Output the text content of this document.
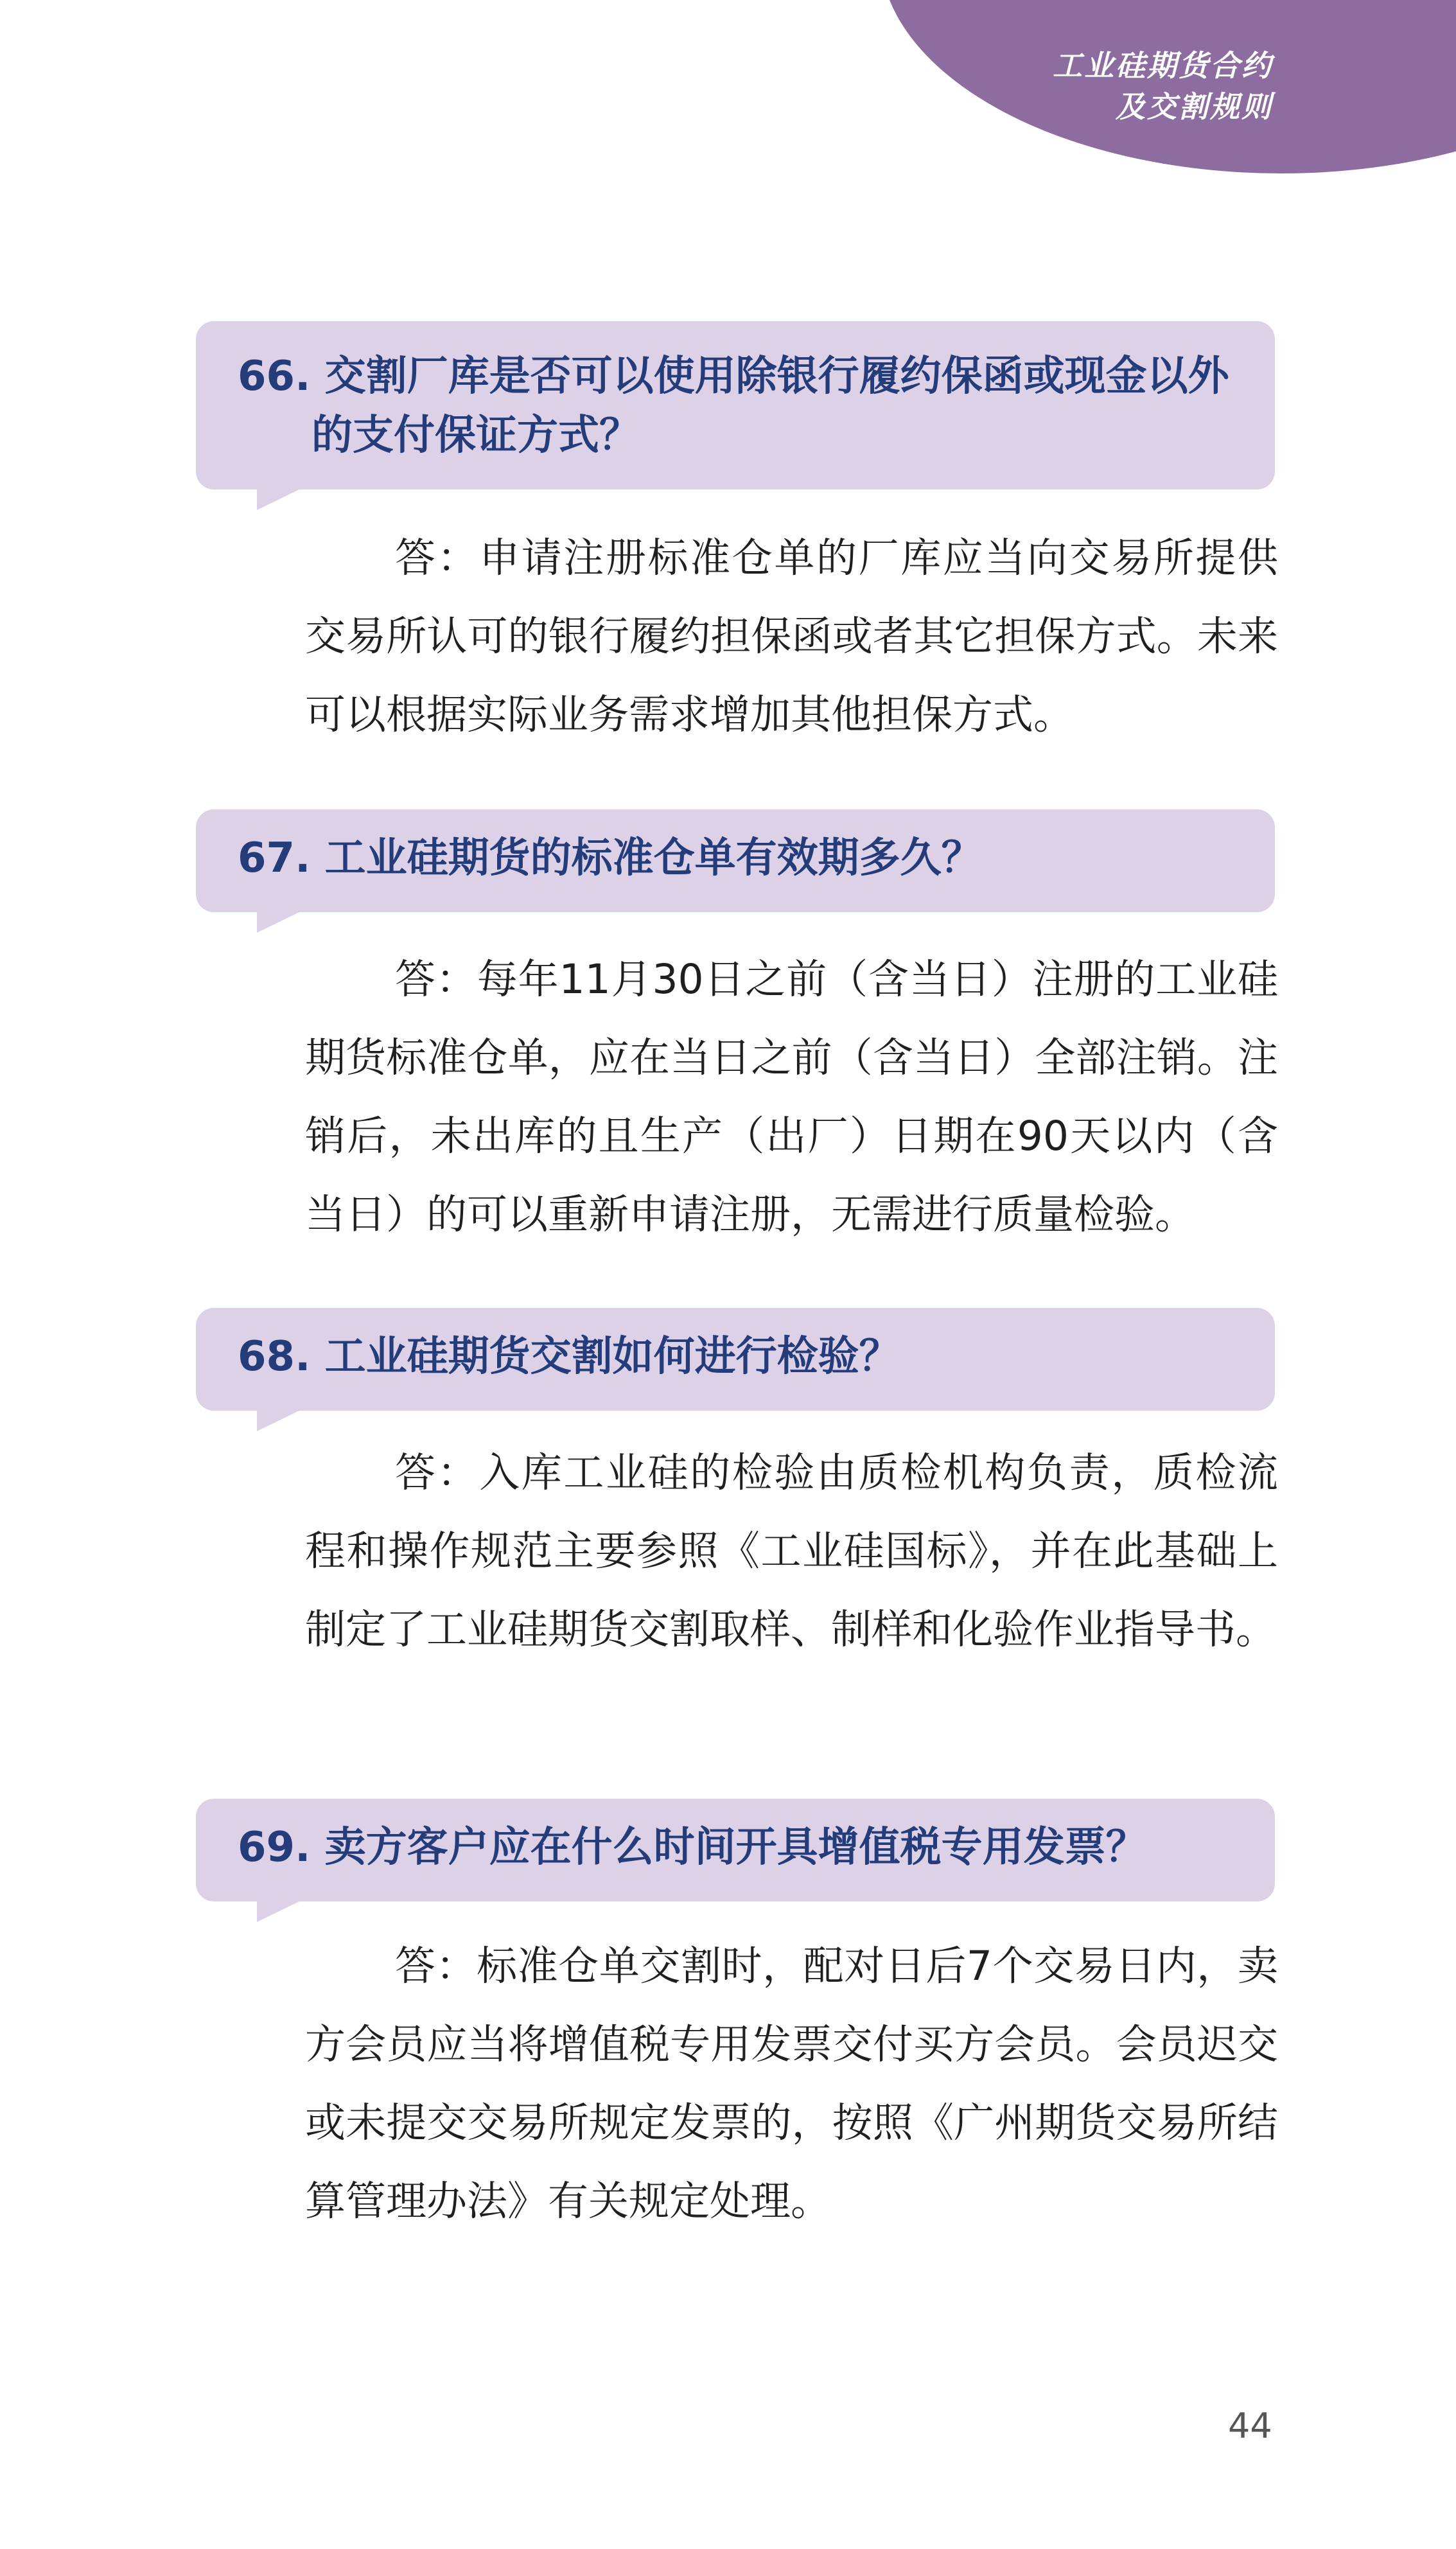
工业硅期货合约
及交割规则

66. 交割厂库是否可以使用除银行履约保函或现金以外的支付保证方式？

答：申请注册标准仓单的厂库应当向交易所提供交易所认可的银行履约担保函或者其它担保方式。未来可以根据实际业务需求增加其他担保方式。

67. 工业硅期货的标准仓单有效期多久？

答：每年11月30日之前（含当日）注册的工业硅期货标准仓单，应在当日之前（含当日）全部注销。注销后，未出库的且生产（出厂）日期在90天以内（含当日）的可以重新申请注册，无需进行质量检验。

68. 工业硅期货交割如何进行检验？

答：入库工业硅的检验由质检机构负责，质检流程和操作规范主要参照《工业硅国标》，并在此基础上制定了工业硅期货交割取样、制样和化验作业指导书。

69. 卖方客户应在什么时间开具增值税专用发票？

答：标准仓单交割时，配对日后7个交易日内，卖方会员应当将增值税专用发票交付买方会员。会员迟交或未提交交易所规定发票的，按照《广州期货交易所结算管理办法》有关规定处理。

44
